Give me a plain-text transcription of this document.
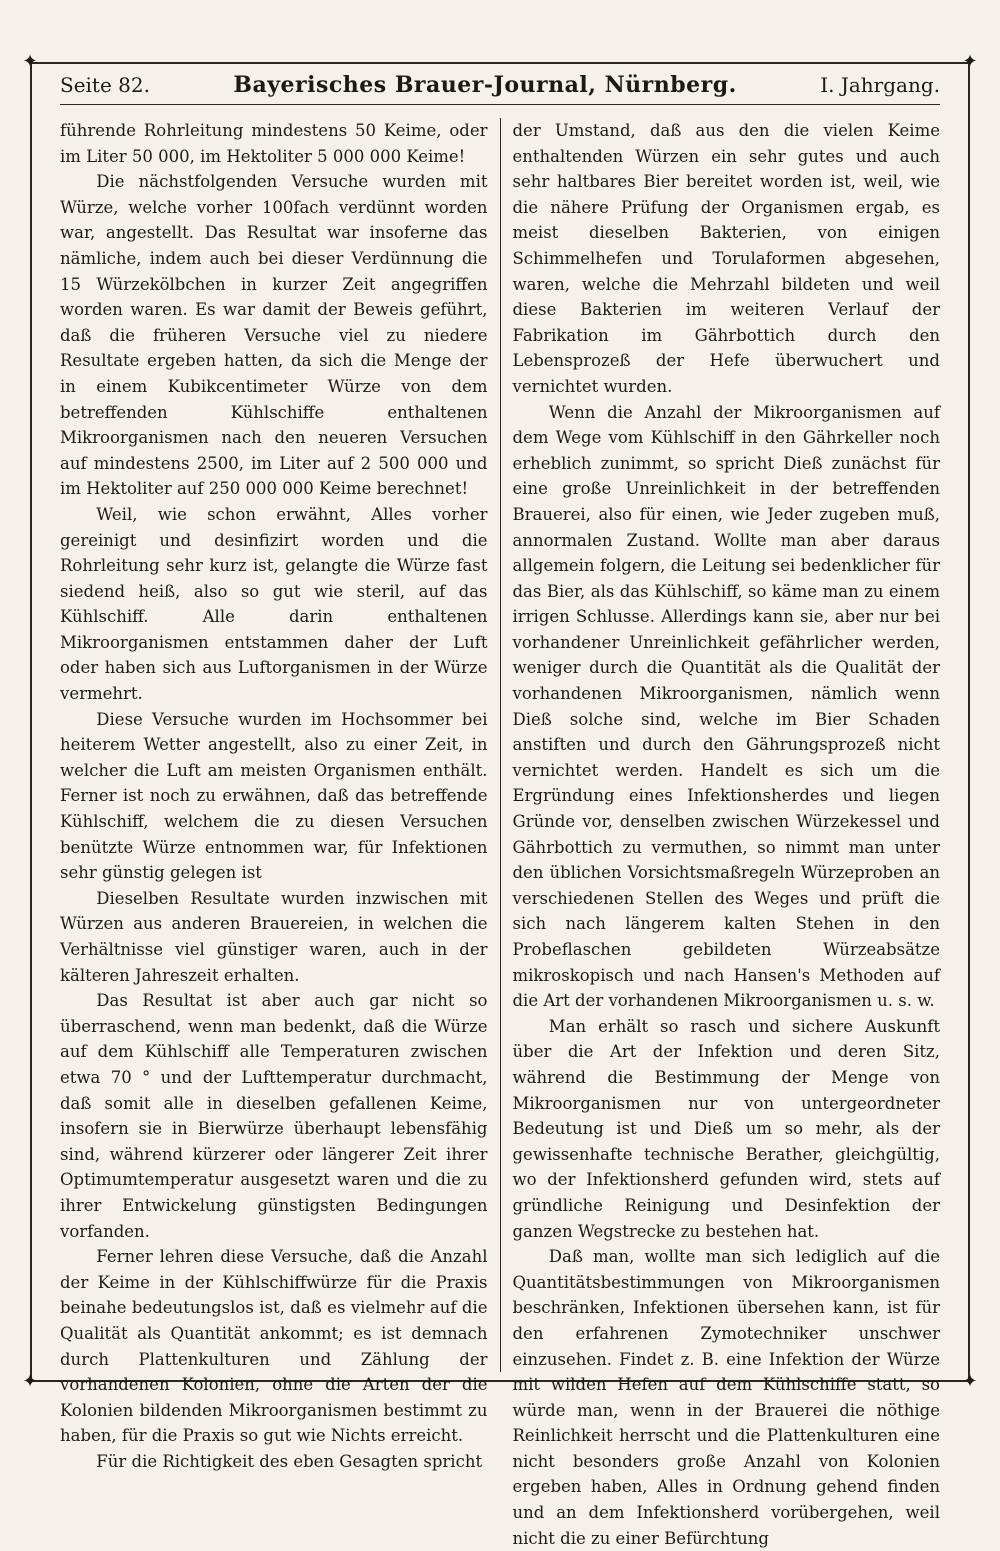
✦	✦
✦	✦
Seite 82.	Bayerisches Brauer-Journal, Nürnberg.	I. Jahrgang.

führende Rohrleitung mindestens 50 Keime, oder im Liter 50 000, im Hektoliter 5 000 000 Keime!

Die nächstfolgenden Versuche wurden mit Würze, welche vorher 100fach verdünnt worden war, angestellt. Das Resultat war insoferne das nämliche, indem auch bei dieser Verdünnung die 15 Würzekölbchen in kurzer Zeit angegriffen worden waren. Es war damit der Beweis geführt, daß die früheren Versuche viel zu niedere Resultate ergeben hatten, da sich die Menge der in einem Kubikcentimeter Würze von dem betreffenden Kühlschiffe enthaltenen Mikroorganismen nach den neueren Versuchen auf mindestens 2500, im Liter auf 2 500 000 und im Hektoliter auf 250 000 000 Keime berechnet!

Weil, wie schon erwähnt, Alles vorher gereinigt und desinfizirt worden und die Rohrleitung sehr kurz ist, gelangte die Würze fast siedend heiß, also so gut wie steril, auf das Kühlschiff. Alle darin enthaltenen Mikroorganismen entstammen daher der Luft oder haben sich aus Luftorganismen in der Würze vermehrt.

Diese Versuche wurden im Hochsommer bei heiterem Wetter angestellt, also zu einer Zeit, in welcher die Luft am meisten Organismen enthält. Ferner ist noch zu erwähnen, daß das betreffende Kühlschiff, welchem die zu diesen Versuchen benützte Würze entnommen war, für Infektionen sehr günstig gelegen ist

Dieselben Resultate wurden inzwischen mit Würzen aus anderen Brauereien, in welchen die Verhältnisse viel günstiger waren, auch in der kälteren Jahreszeit erhalten.

Das Resultat ist aber auch gar nicht so überraschend, wenn man bedenkt, daß die Würze auf dem Kühlschiff alle Temperaturen zwischen etwa 70 ° und der Lufttemperatur durchmacht, daß somit alle in dieselben gefallenen Keime, insofern sie in Bierwürze überhaupt lebensfähig sind, während kürzerer oder längerer Zeit ihrer Optimumtemperatur ausgesetzt waren und die zu ihrer Entwickelung günstigsten Bedingungen vorfanden.

Ferner lehren diese Versuche, daß die Anzahl der Keime in der Kühlschiffwürze für die Praxis beinahe bedeutungslos ist, daß es vielmehr auf die Qualität als Quantität ankommt; es ist demnach durch Plattenkulturen und Zählung der vorhandenen Kolonien, ohne die Arten der die Kolonien bildenden Mikroorganismen bestimmt zu haben, für die Praxis so gut wie Nichts erreicht.

Für die Richtigkeit des eben Gesagten spricht

der Umstand, daß aus den die vielen Keime enthaltenden Würzen ein sehr gutes und auch sehr haltbares Bier bereitet worden ist, weil, wie die nähere Prüfung der Organismen ergab, es meist dieselben Bakterien, von einigen Schimmelhefen und Torulaformen abgesehen, waren, welche die Mehrzahl bildeten und weil diese Bakterien im weiteren Verlauf der Fabrikation im Gährbottich durch den Lebensprozeß der Hefe überwuchert und vernichtet wurden.

Wenn die Anzahl der Mikroorganismen auf dem Wege vom Kühlschiff in den Gährkeller noch erheblich zunimmt, so spricht Dieß zunächst für eine große Unreinlichkeit in der betreffenden Brauerei, also für einen, wie Jeder zugeben muß, annormalen Zustand. Wollte man aber daraus allgemein folgern, die Leitung sei bedenklicher für das Bier, als das Kühlschiff, so käme man zu einem irrigen Schlusse. Allerdings kann sie, aber nur bei vorhandener Unreinlichkeit gefährlicher werden, weniger durch die Quantität als die Qualität der vorhandenen Mikroorganismen, nämlich wenn Dieß solche sind, welche im Bier Schaden anstiften und durch den Gährungsprozeß nicht vernichtet werden. Handelt es sich um die Ergründung eines Infektionsherdes und liegen Gründe vor, denselben zwischen Würzekessel und Gährbottich zu vermuthen, so nimmt man unter den üblichen Vorsichtsmaßregeln Würzeproben an verschiedenen Stellen des Weges und prüft die sich nach längerem kalten Stehen in den Probeflaschen gebildeten Würzeabsätze mikroskopisch und nach Hansen's Methoden auf die Art der vorhandenen Mikroorganismen u. s. w.

Man erhält so rasch und sichere Auskunft über die Art der Infektion und deren Sitz, während die Bestimmung der Menge von Mikroorganismen nur von untergeordneter Bedeutung ist und Dieß um so mehr, als der gewissenhafte technische Berather, gleichgültig, wo der Infektionsherd gefunden wird, stets auf gründliche Reinigung und Desinfektion der ganzen Wegstrecke zu bestehen hat.

Daß man, wollte man sich lediglich auf die Quantitätsbestimmungen von Mikroorganismen beschränken, Infektionen übersehen kann, ist für den erfahrenen Zymotechniker unschwer einzusehen. Findet z. B. eine Infektion der Würze mit wilden Hefen auf dem Kühlschiffe statt, so würde man, wenn in der Brauerei die nöthige Reinlichkeit herrscht und die Plattenkulturen eine nicht besonders große Anzahl von Kolonien ergeben haben, Alles in Ordnung gehend finden und an dem Infektionsherd vorübergehen, weil nicht die zu einer Befürchtung
